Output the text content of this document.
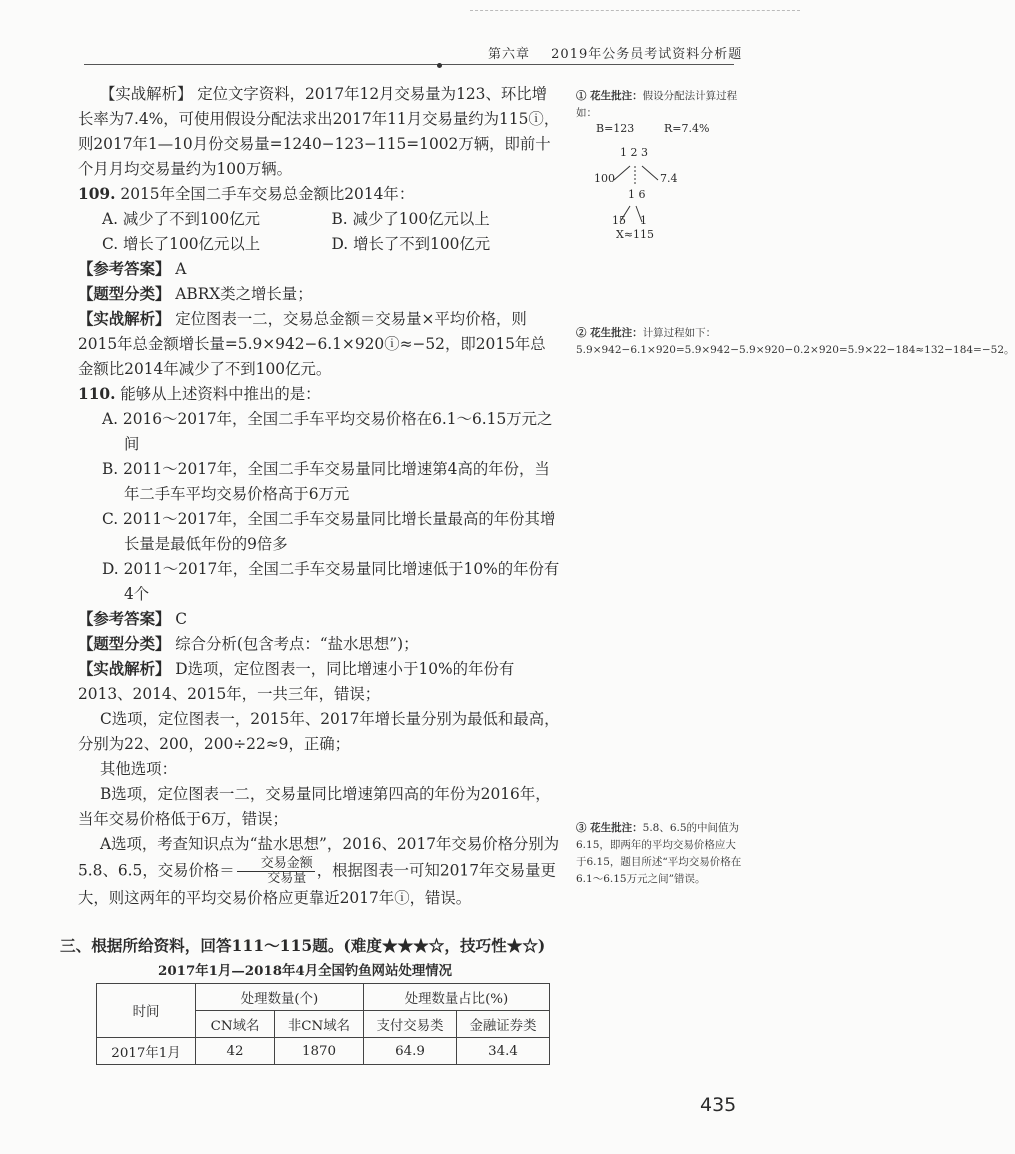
第六章 2019年公务员考试资料分析题

【实战解析】 定位文字资料，2017年12月交易量为123、环比增长率为7.4%，可使用假设分配法求出2017年11月交易量约为115ⓘ，则2017年1—10月份交易量=1240−123−115=1002万辆，即前十个月月均交易量约为100万辆。

109. 2015年全国二手车交易总金额比2014年：

A. 减少了不到100亿元	B. 减少了100亿元以上
C. 增长了100亿元以上	D. 增长了不到100亿元

【参考答案】 A

【题型分类】 ABRX类之增长量；

【实战解析】 定位图表一二，交易总金额＝交易量×平均价格，则2015年总金额增长量=5.9×942−6.1×920ⓘ≈−52，即2015年总金额比2014年减少了不到100亿元。

110. 能够从上述资料中推出的是：

A. 2016～2017年，全国二手车平均交易价格在6.1～6.15万元之间

B. 2011～2017年，全国二手车交易量同比增速第4高的年份，当年二手车平均交易价格高于6万元

C. 2011～2017年，全国二手车交易量同比增长量最高的年份其增长量是最低年份的9倍多

D. 2011～2017年，全国二手车交易量同比增速低于10%的年份有4个

【参考答案】 C

【题型分类】 综合分析(包含考点：“盐水思想”)；

【实战解析】 D选项，定位图表一，同比增速小于10%的年份有2013、2014、2015年，一共三年，错误；

C选项，定位图表一，2015年、2017年增长量分别为最低和最高，分别为22、200，200÷22≈9，正确；

其他选项：

B选项，定位图表一二，交易量同比增速第四高的年份为2016年，当年交易价格低于6万，错误；

A选项，考查知识点为“盐水思想”，2016、2017年交易价格分别为5.8、6.5，交易价格＝ $\frac{\text{交易金额}}{\text{交易量}}$ ，根据图表一可知2017年交易量更大，则这两年的平均交易价格应更靠近2017年ⓘ，错误。

① 花生批注：假设分配法计算过程如：
B=123	R=7.4%
1 2 3
100	7.4
1 6
15 1
X≈115
② 花生批注：计算过程如下：5.9×942−6.1×920=5.9×942−5.9×920−0.2×920=5.9×22−184≈132−184=−52。
③ 花生批注：5.8、6.5的中间值为6.15，即两年的平均交易价格应大于6.15，题目所述“平均交易价格在6.1～6.15万元之间”错误。
三、根据所给资料，回答111～115题。(难度★★★☆，技巧性★☆)
2017年1月—2018年4月全国钓鱼网站处理情况
时间	处理数量(个)		处理数量占比(%)	
	CN域名	非CN域名	支付交易类	金融证券类
2017年1月	42	1870	64.9	34.4
435
